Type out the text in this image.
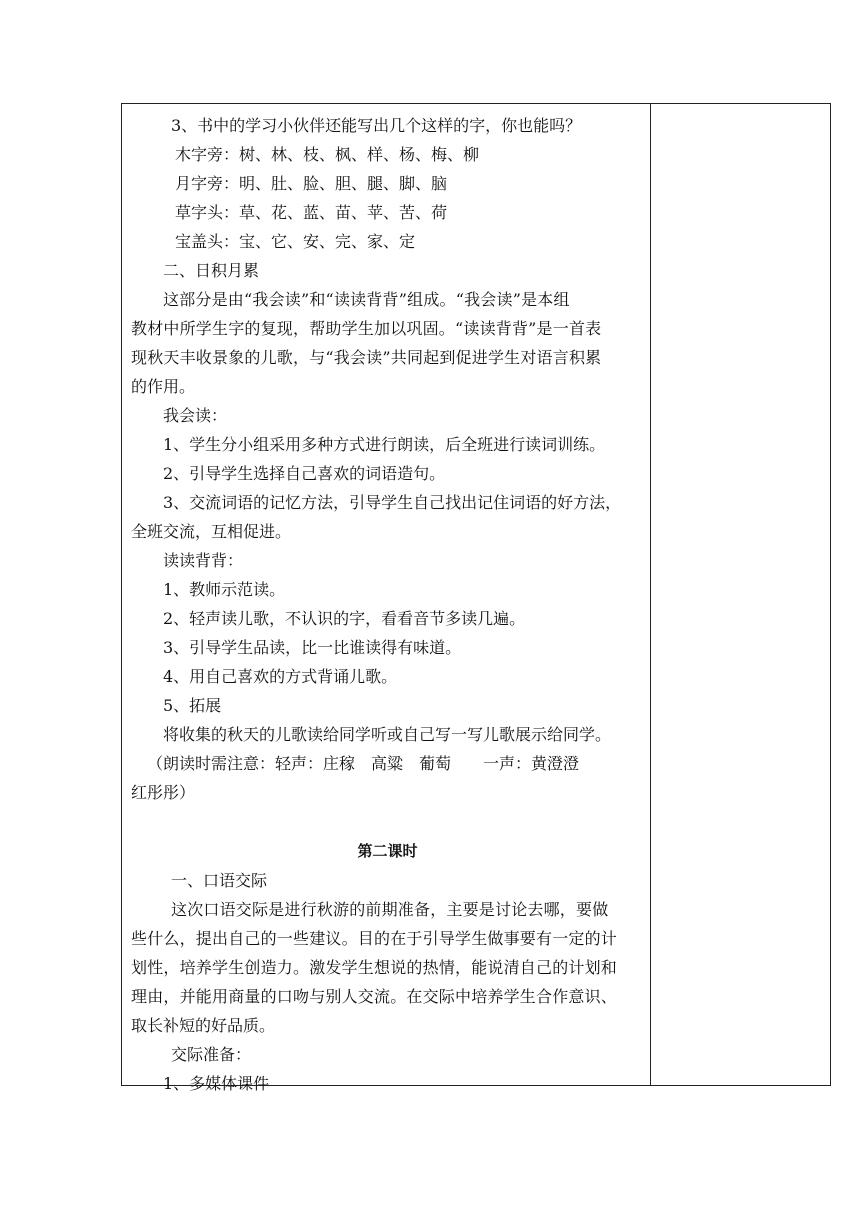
3、书中的学习小伙伴还能写出几个这样的字，你也能吗？
木字旁：树、林、枝、枫、样、杨、梅、柳
月字旁：明、肚、脸、胆、腿、脚、脑
草字头：草、花、蓝、苗、苹、苦、荷
宝盖头：宝、它、安、完、家、定
二、日积月累
这部分是由“我会读”和“读读背背”组成。“我会读”是本组
教材中所学生字的复现，帮助学生加以巩固。“读读背背”是一首表
现秋天丰收景象的儿歌，与“我会读”共同起到促进学生对语言积累
的作用。
我会读：
1、学生分小组采用多种方式进行朗读，后全班进行读词训练。
2、引导学生选择自己喜欢的词语造句。
3、交流词语的记忆方法，引导学生自己找出记住词语的好方法，
全班交流，互相促进。
读读背背：
1、教师示范读。
2、轻声读儿歌，不认识的字，看看音节多读几遍。
3、引导学生品读，比一比谁读得有味道。
4、用自己喜欢的方式背诵儿歌。
5、拓展
将收集的秋天的儿歌读给同学听或自己写一写儿歌展示给同学。
（朗读时需注意：轻声：庄稼　高粱　葡萄　　一声：黄澄澄
红彤彤）
第二课时
一、口语交际
这次口语交际是进行秋游的前期准备，主要是讨论去哪，要做
些什么，提出自己的一些建议。目的在于引导学生做事要有一定的计
划性，培养学生创造力。激发学生想说的热情，能说清自己的计划和
理由，并能用商量的口吻与别人交流。在交际中培养学生合作意识、
取长补短的好品质。
交际准备：
1、多媒体课件
